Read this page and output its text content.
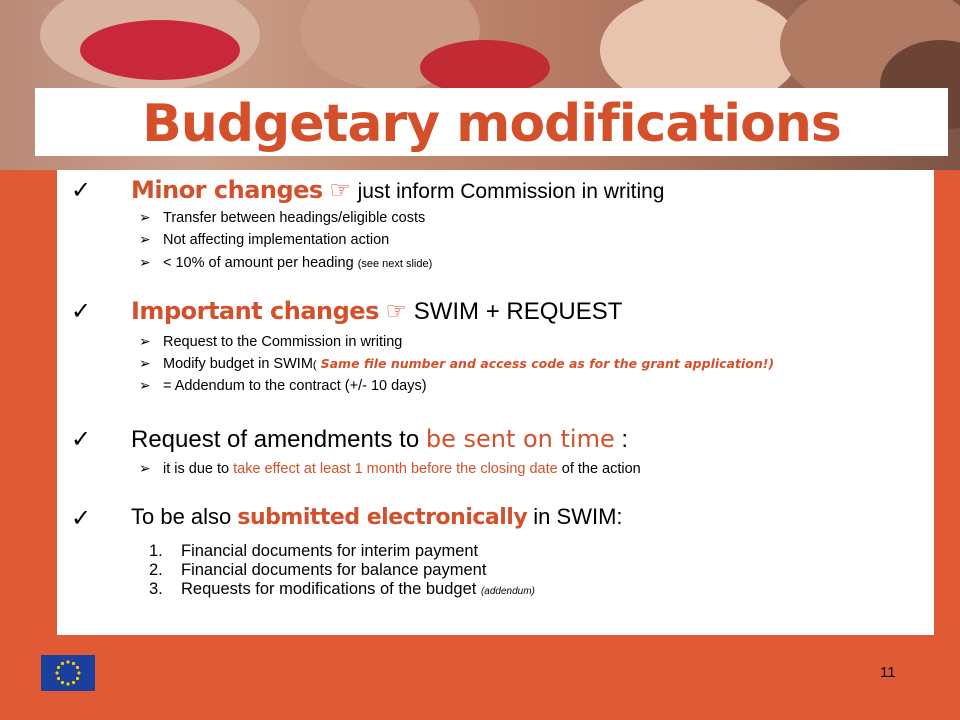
Budgetary modifications
✓ Minor changes ☞ just inform Commission in writing
➢ Transfer between headings/eligible costs
➢ Not affecting implementation action
➢ < 10% of amount per heading (see next slide)
✓ Important changes ☞ SWIM + REQUEST
➢ Request to the Commission in writing
➢ Modify budget in SWIM( Same file number and access code as for the grant application!)
➢ = Addendum to the contract (+/- 10 days)
✓ Request of amendments to be sent on time :
➢ it is due to take effect at least 1 month before the closing date of the action
✓ To be also submitted electronically in SWIM:
1. Financial documents for interim payment
2. Financial documents for balance payment
3. Requests for modifications of the budget (addendum)
11
